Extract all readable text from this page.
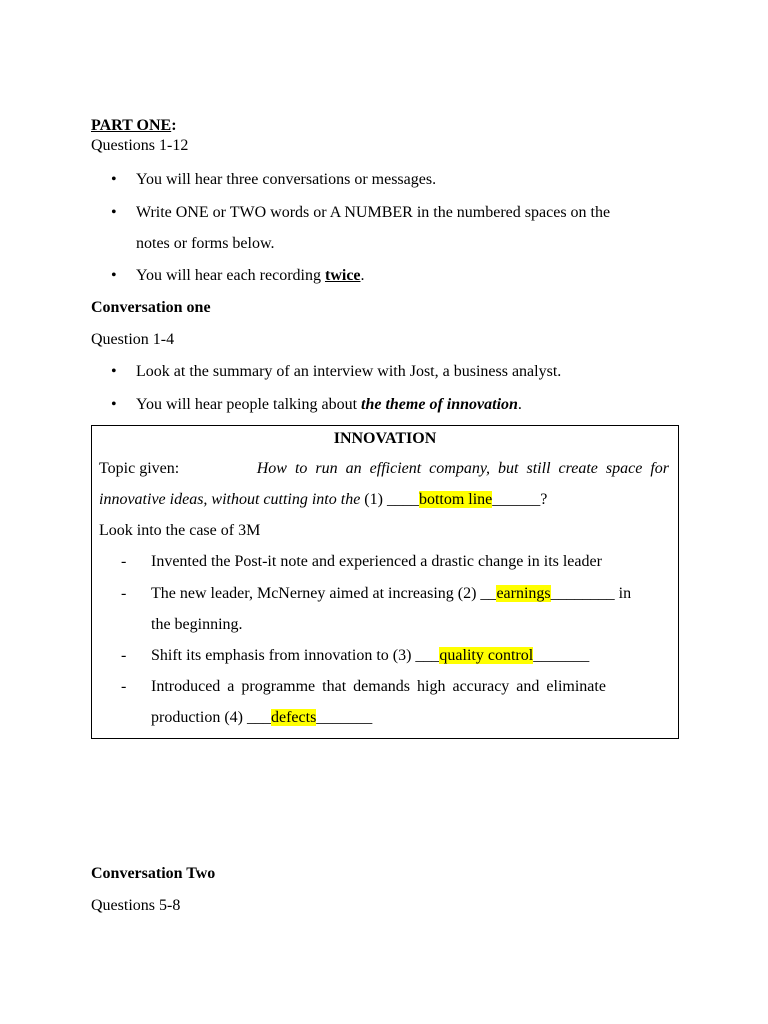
PART ONE:
Questions 1-12
• You will hear three conversations or messages.
• Write ONE or TWO words or A NUMBER in the numbered spaces on the
notes or forms below.
• You will hear each recording twice.
Conversation one
Question 1-4
• Look at the summary of an interview with Jost, a business analyst.
• You will hear people talking about the theme of innovation.
INNOVATION
Topic given:	How to run an efficient company, but still create space for
innovative ideas, without cutting into the (1) ____bottom line______?
Look into the case of 3M
- Invented the Post-it note and experienced a drastic change in its leader
- The new leader, McNerney aimed at increasing (2) __earnings________ in
the beginning.
- Shift its emphasis from innovation to (3) ___quality control_______
- Introduced a programme that demands high accuracy and eliminate
production (4) ___defects_______
Conversation Two
Questions 5-8
